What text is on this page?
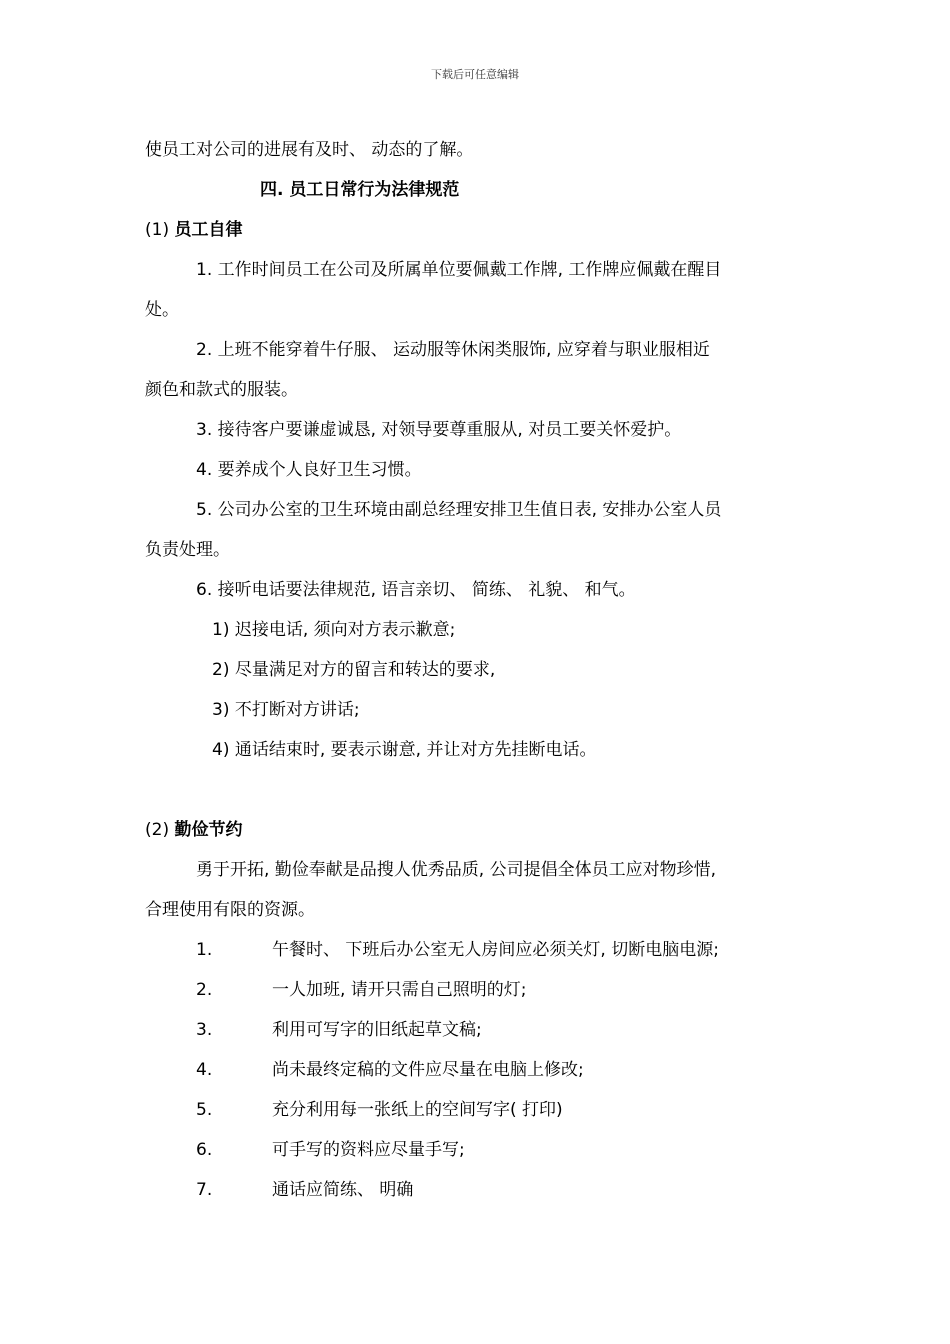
下载后可任意编辑
使员工对公司的进展有及时、 动态的了解。
四. 员工日常行为法律规范
(1) 员工自律
1. 工作时间员工在公司及所属单位要佩戴工作牌, 工作牌应佩戴在醒目
处。
2. 上班不能穿着牛仔服、 运动服等休闲类服饰, 应穿着与职业服相近
颜色和款式的服装。
3. 接待客户要谦虚诚恳, 对领导要尊重服从, 对员工要关怀爱护。
4. 要养成个人良好卫生习惯。
5. 公司办公室的卫生环境由副总经理安排卫生值日表, 安排办公室人员
负责处理。
6. 接听电话要法律规范, 语言亲切、 简练、 礼貌、 和气。
1) 迟接电话, 须向对方表示歉意;
2) 尽量满足对方的留言和转达的要求,
3) 不打断对方讲话;
4) 通话结束时, 要表示谢意, 并让对方先挂断电话。
(2) 勤俭节约
勇于开拓, 勤俭奉献是品搜人优秀品质, 公司提倡全体员工应对物珍惜,
合理使用有限的资源。
1.	午餐时、 下班后办公室无人房间应必须关灯, 切断电脑电源;
2.	一人加班, 请开只需自己照明的灯;
3.	利用可写字的旧纸起草文稿;
4.	尚未最终定稿的文件应尽量在电脑上修改;
5.	充分利用每一张纸上的空间写字( 打印)
6.	可手写的资料应尽量手写;
7.	通话应简练、 明确
